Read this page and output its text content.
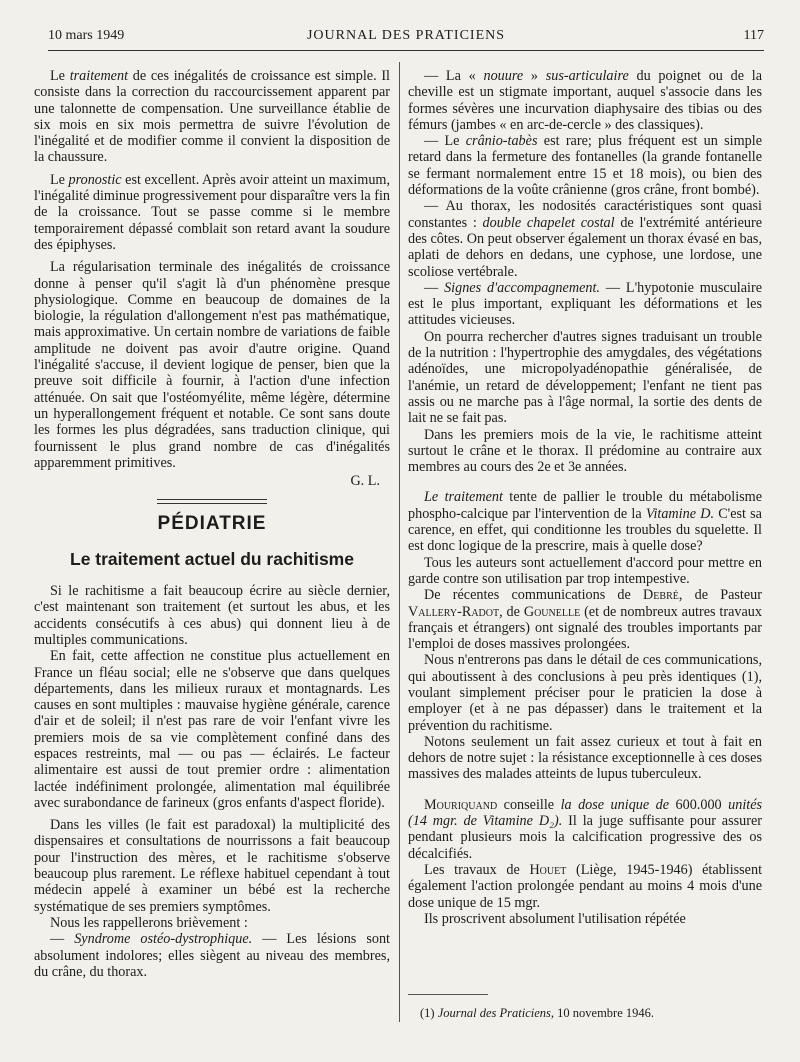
10 mars 1949	JOURNAL DES PRATICIENS	117

Le traitement de ces inégalités de croissance est simple. Il consiste dans la correction du raccourcissement apparent par une talonnette de compensation. Une surveillance établie de six mois en six mois permettra de suivre l'évolution de l'inégalité et de modifier comme il convient la disposition de la chaussure.

Le pronostic est excellent. Après avoir atteint un maximum, l'inégalité diminue progressivement pour disparaître vers la fin de la croissance. Tout se passe comme si le membre temporairement dépassé comblait son retard avant la soudure des épiphyses.

La régularisation terminale des inégalités de croissance donne à penser qu'il s'agit là d'un phénomène presque physiologique. Comme en beaucoup de domaines de la biologie, la régulation d'allongement n'est pas mathématique, mais approximative. Un certain nombre de variations de faible amplitude ne doivent pas avoir d'autre origine. Quand l'inégalité s'accuse, il devient logique de penser, bien que la preuve soit difficile à fournir, à l'action d'une infection atténuée. On sait que l'ostéomyélite, même légère, détermine un hyperallongement fréquent et notable. Ce sont sans doute les formes les plus dégradées, sans traduction clinique, qui fournissent le plus grand nombre de cas d'inégalités apparemment primitives.

G. L.
PÉDIATRIE
Le traitement actuel du rachitisme

Si le rachitisme a fait beaucoup écrire au siècle dernier, c'est maintenant son traitement (et surtout les abus, et les accidents consécutifs à ces abus) qui donnent lieu à de multiples communications.

En fait, cette affection ne constitue plus actuellement en France un fléau social; elle ne s'observe que dans quelques départements, dans les milieux ruraux et montagnards. Les causes en sont multiples : mauvaise hygiène générale, carence d'air et de soleil; il n'est pas rare de voir l'enfant vivre les premiers mois de sa vie complètement confiné dans des espaces restreints, mal — ou pas — éclairés. Le facteur alimentaire est aussi de tout premier ordre : alimentation lactée indéfiniment prolongée, alimentation mal équilibrée avec surabondance de farineux (gros enfants d'aspect floride).

Dans les villes (le fait est paradoxal) la multiplicité des dispensaires et consultations de nourrissons a fait beaucoup pour l'instruction des mères, et le rachitisme s'observe beaucoup plus rarement. Le réflexe habituel cependant à tout médecin appelé à examiner un bébé est la recherche systématique de ses premiers symptômes.

Nous les rappellerons brièvement :

— Syndrome ostéo-dystrophique. — Les lésions sont absolument indolores; elles siègent au niveau des membres, du crâne, du thorax.

— La « nouure » sus-articulaire du poignet ou de la cheville est un stigmate important, auquel s'associe dans les formes sévères une incurvation diaphysaire des tibias ou des fémurs (jambes « en arc-de-cercle » des classiques).

— Le crânio-tabès est rare; plus fréquent est un simple retard dans la fermeture des fontanelles (la grande fontanelle se fermant normalement entre 15 et 18 mois), ou bien des déformations de la voûte crânienne (gros crâne, front bombé).

— Au thorax, les nodosités caractéristiques sont quasi constantes : double chapelet costal de l'extrémité antérieure des côtes. On peut observer également un thorax évasé en bas, aplati de dehors en dedans, une cyphose, une lordose, une scoliose vertébrale.

— Signes d'accompagnement. — L'hypotonie musculaire est le plus important, expliquant les déformations et les attitudes vicieuses.

On pourra rechercher d'autres signes traduisant un trouble de la nutrition : l'hypertrophie des amygdales, des végétations adénoïdes, une micropolyadénopathie généralisée, de l'anémie, un retard de développement; l'enfant ne tient pas assis ou ne marche pas à l'âge normal, la sortie des dents de lait ne se fait pas.

Dans les premiers mois de la vie, le rachitisme atteint surtout le crâne et le thorax. Il prédomine au contraire aux membres au cours des 2e et 3e années.

Le traitement tente de pallier le trouble du métabolisme phospho-calcique par l'intervention de la Vitamine D. C'est sa carence, en effet, qui conditionne les troubles du squelette. Il est donc logique de la prescrire, mais à quelle dose?

Tous les auteurs sont actuellement d'accord pour mettre en garde contre son utilisation par trop intempestive.

De récentes communications de Debré, de Pasteur Vallery-Radot, de Gounelle (et de nombreux autres travaux français et étrangers) ont signalé des troubles importants par l'emploi de doses massives prolongées.

Nous n'entrerons pas dans le détail de ces communications, qui aboutissent à des conclusions à peu près identiques (1), voulant simplement préciser pour le praticien la dose à employer (et à ne pas dépasser) dans le traitement et la prévention du rachitisme.

Notons seulement un fait assez curieux et tout à fait en dehors de notre sujet : la résistance exceptionnelle à ces doses massives des malades atteints de lupus tuberculeux.

Mouriquand conseille la dose unique de 600.000 unités (14 mgr. de Vitamine D₂). Il la juge suffisante pour assurer pendant plusieurs mois la calcification progressive des os décalcifiés.

Les travaux de Houet (Liège, 1945-1946) établissent également l'action prolongée pendant au moins 4 mois d'une dose unique de 15 mgr.

Ils proscrivent absolument l'utilisation répétée

(1) Journal des Praticiens, 10 novembre 1946.
